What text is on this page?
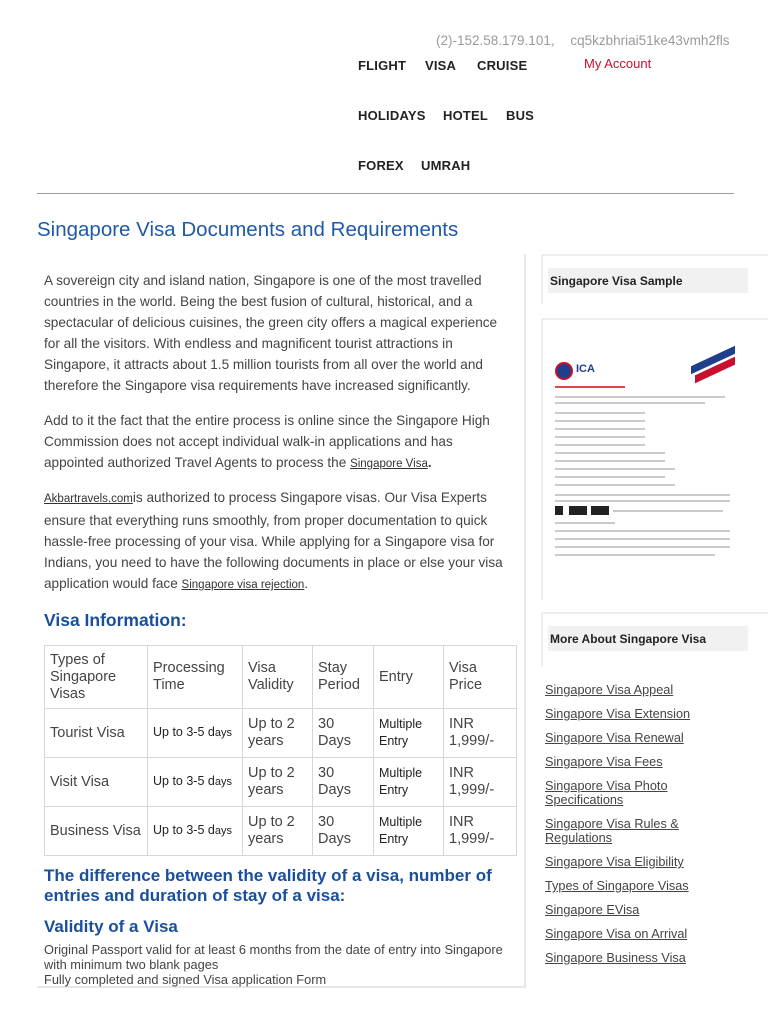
(2)-152.58.179.101, cq5kzbhriai51ke43vmh2fls
FLIGHT VISA CRUISE
HOLIDAYS HOTEL BUS
FOREX UMRAH
My Account
Singapore Visa Documents and Requirements

A sovereign city and island nation, Singapore is one of the most travelled countries in the world. Being the best fusion of cultural, historical, and a spectacular of delicious cuisines, the green city offers a magical experience for all the visitors. With endless and magnificent tourist attractions in Singapore, it attracts about 1.5 million tourists from all over the world and therefore the Singapore visa requirements have increased significantly.

Add to it the fact that the entire process is online since the Singapore High Commission does not accept individual walk-in applications and has appointed authorized Travel Agents to process the Singapore Visa.

Akbartravels.comis authorized to process Singapore visas. Our Visa Experts ensure that everything runs smoothly, from proper documentation to quick hassle-free processing of your visa. While applying for a Singapore visa for Indians, you need to have the following documents in place or else your visa application would face Singapore visa rejection.

Visa Information:
Types of Singapore Visas	Processing Time	Visa Validity	Stay Period	Entry	Visa Price
Tourist Visa	Up to 3-5 days	Up to 2 years	30 Days	Multiple Entry	INR 1,999/-
Visit Visa	Up to 3-5 days	Up to 2 years	30 Days	Multiple Entry	INR 1,999/-
Business Visa	Up to 3-5 days	Up to 2 years	30 Days	Multiple Entry	INR 1,999/-
The difference between the validity of a visa, number of entries and duration of stay of a visa:
Validity of a Visa
Original Passport valid for at least 6 months from the date of entry into Singapore with minimum two blank pages
Fully completed and signed Visa application Form
Singapore Visa Sample
ICA
More About Singapore Visa
Singapore Visa Appeal
Singapore Visa Extension
Singapore Visa Renewal
Singapore Visa Fees
Singapore Visa Photo Specifications
Singapore Visa Rules & Regulations
Singapore Visa Eligibility
Types of Singapore Visas
Singapore EVisa
Singapore Visa on Arrival
Singapore Business Visa
